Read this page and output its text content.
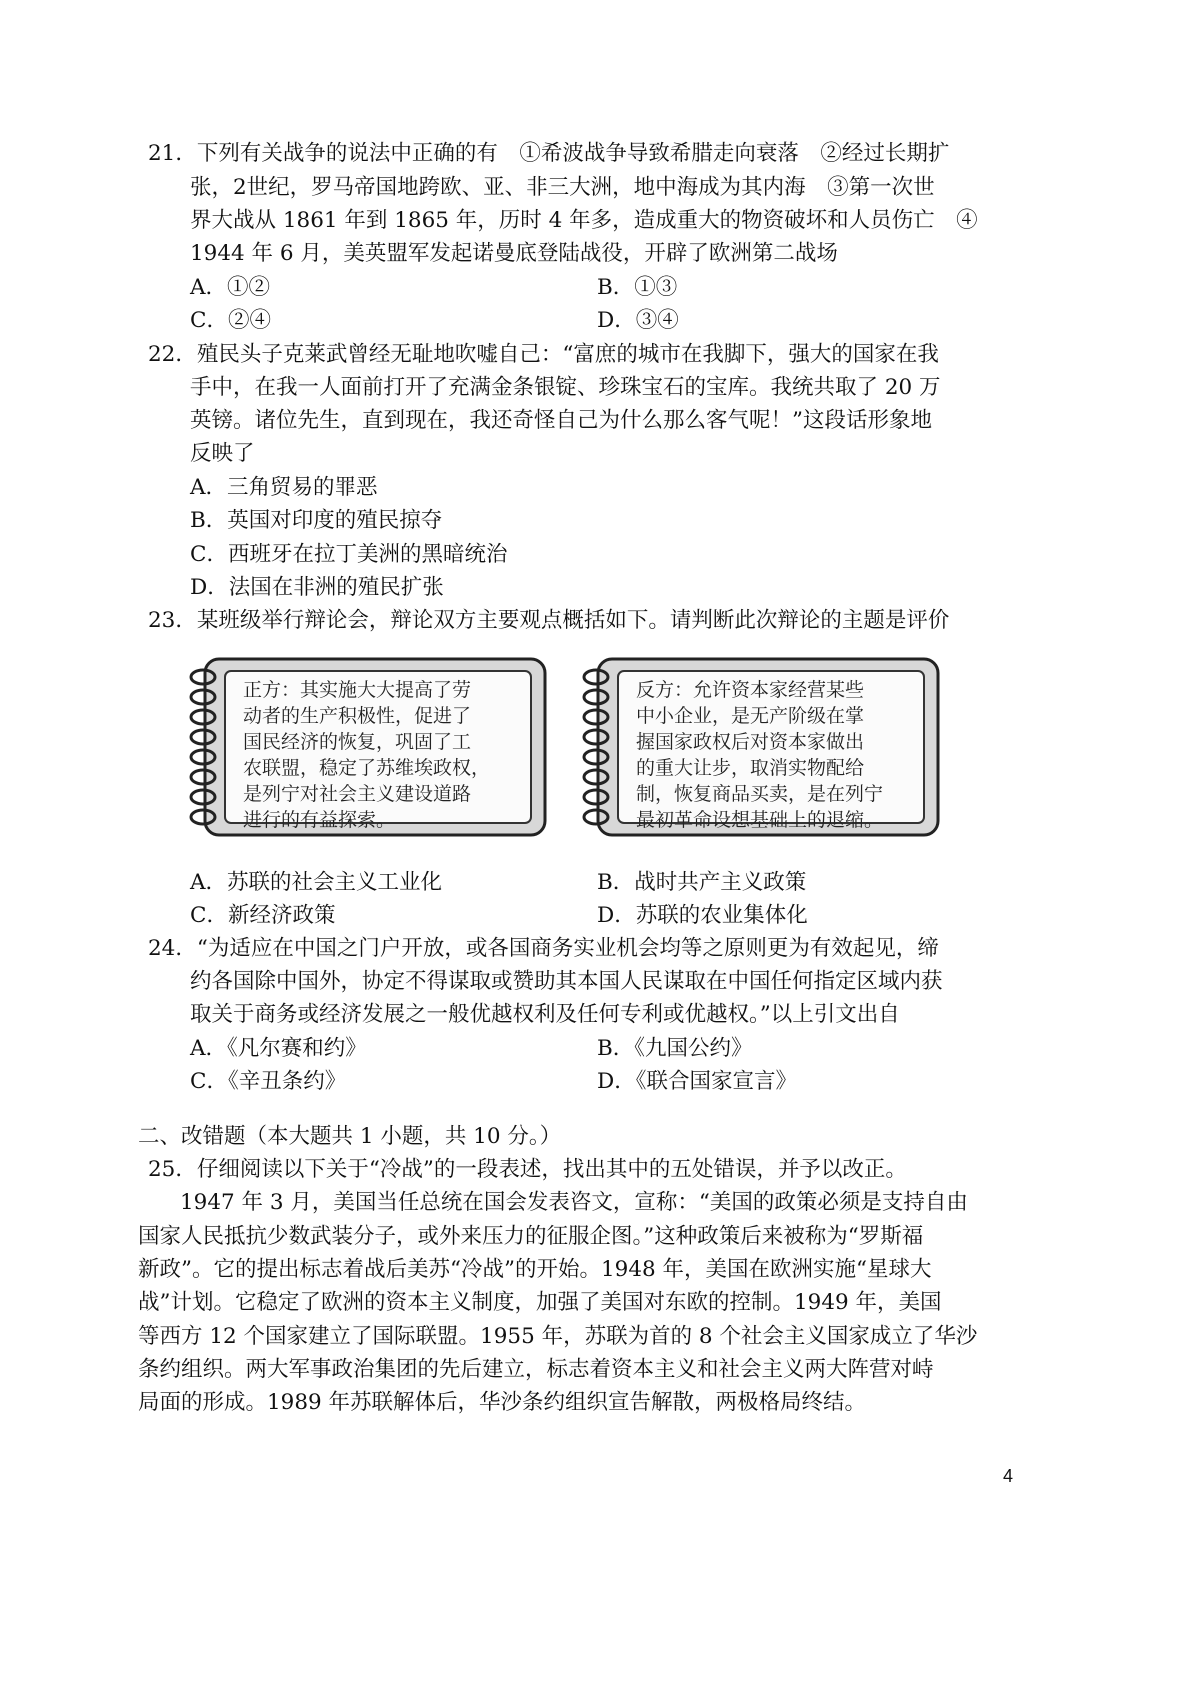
21．下列有关战争的说法中正确的有　①希波战争导致希腊走向衰落　②经过长期扩
张，2世纪，罗马帝国地跨欧、亚、非三大洲，地中海成为其内海　③第一次世
界大战从 1861 年到 1865 年，历时 4 年多，造成重大的物资破坏和人员伤亡　④
1944 年 6 月，美英盟军发起诺曼底登陆战役，开辟了欧洲第二战场
A．①②	B．①③
C．②④	D．③④
22．殖民头子克莱武曾经无耻地吹嘘自己：“富庶的城市在我脚下，强大的国家在我
手中，在我一人面前打开了充满金条银锭、珍珠宝石的宝库。我统共取了 20 万
英镑。诸位先生，直到现在，我还奇怪自己为什么那么客气呢！”这段话形象地
反映了
A．三角贸易的罪恶
B．英国对印度的殖民掠夺
C．西班牙在拉丁美洲的黑暗统治
D．法国在非洲的殖民扩张
23．某班级举行辩论会，辩论双方主要观点概括如下。请判断此次辩论的主题是评价
正方：其实施大大提高了劳
动者的生产积极性，促进了
国民经济的恢复，巩固了工
农联盟，稳定了苏维埃政权，
是列宁对社会主义建设道路
进行的有益探索。
反方：允许资本家经营某些
中小企业，是无产阶级在掌
握国家政权后对资本家做出
的重大让步，取消实物配给
制，恢复商品买卖，是在列宁
最初革命设想基础上的退缩。
A．苏联的社会主义工业化	B．战时共产主义政策
C．新经济政策	D．苏联的农业集体化
24．“为适应在中国之门户开放，或各国商务实业机会均等之原则更为有效起见，缔
约各国除中国外，协定不得谋取或赞助其本国人民谋取在中国任何指定区域内获
取关于商务或经济发展之一般优越权利及任何专利或优越权。”以上引文出自
A．《凡尔赛和约》	B．《九国公约》
C．《辛丑条约》	D．《联合国家宣言》
二、改错题（本大题共 1 小题，共 10 分。）
25．仔细阅读以下关于“冷战”的一段表述，找出其中的五处错误，并予以改正。
1947 年 3 月，美国当任总统在国会发表咨文，宣称：“美国的政策必须是支持自由
国家人民抵抗少数武装分子，或外来压力的征服企图。”这种政策后来被称为“罗斯福
新政”。它的提出标志着战后美苏“冷战”的开始。1948 年，美国在欧洲实施“星球大
战”计划。它稳定了欧洲的资本主义制度，加强了美国对东欧的控制。1949 年，美国
等西方 12 个国家建立了国际联盟。1955 年，苏联为首的 8 个社会主义国家成立了华沙
条约组织。两大军事政治集团的先后建立，标志着资本主义和社会主义两大阵营对峙
局面的形成。1989 年苏联解体后，华沙条约组织宣告解散，两极格局终结。
4
